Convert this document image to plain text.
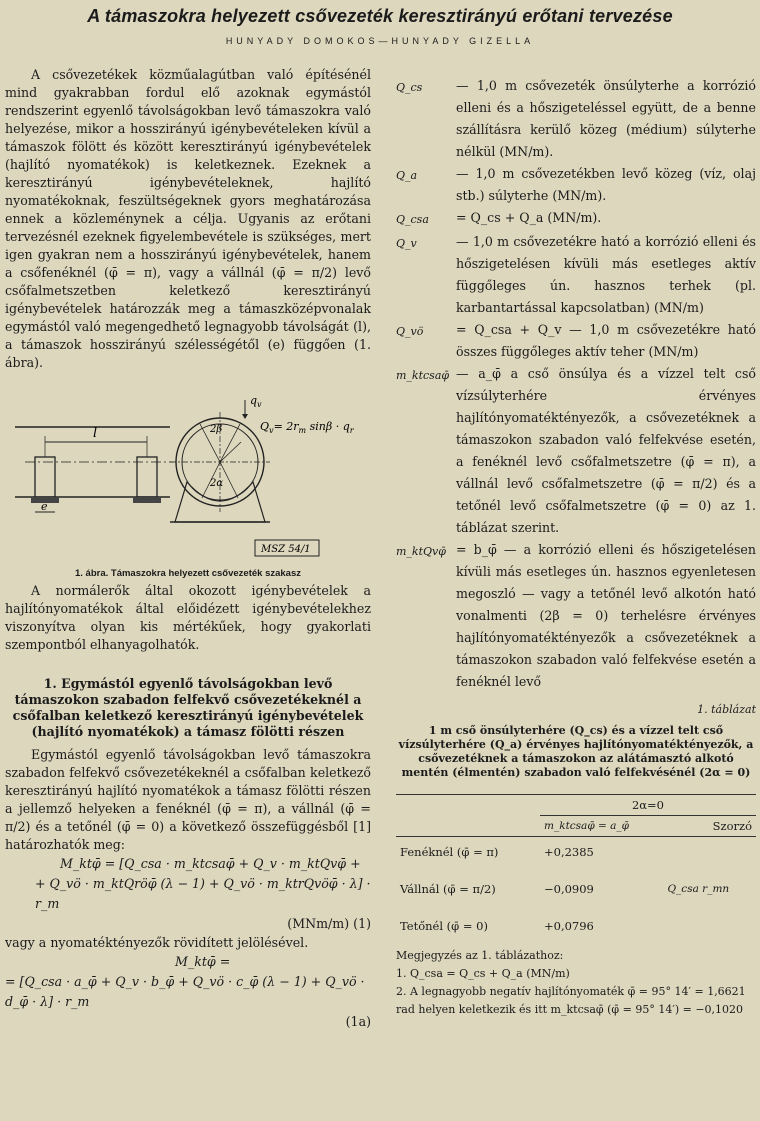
A támaszokra helyezett csővezeték keresztirányú erőtani tervezése
HUNYADY DOMOKOS—HUNYADY GIZELLA

A csővezetékek közműalagútban való építésénél mind gyakrabban fordul elő azoknak egymástól rendszerint egyenlő távolságokban levő támaszokra való helyezése, mikor a hosszirányú igénybevételeken kívül a támaszok fölött és között keresztirányú igénybevételek (hajlító nyomatékok) is keletkeznek. Ezeknek a keresztirányú igénybevételeknek, hajlító nyomatékoknak, feszültségeknek gyors meghatározása ennek a közleménynek a célja. Ugyanis az erőtani tervezésnél ezeknek figyelembevétele is szükséges, mert igen gyakran nem a hosszirányú igénybevételek, hanem a csőfenéknél (φ̄ = π), vagy a vállnál (φ̄ = π/2) levő csőfalmetszetben keletkező keresztirányú igénybevételek határozzák meg a támaszközépvonalak egymástól való megengedhető legnagyobb távolságát (l), a támaszok hosszirányú szélességétől (e) függően (1. ábra).

l
e
2β
2α
$q_v$
$Q_v= 2r_m$ $\sin\beta \cdot q_r$
MSZ 54/1
1. ábra. Támaszokra helyezett csővezeték szakasz

A normálerők által okozott igénybevételek a hajlítónyomatékok által előidézett igénybevételekhez viszonyítva olyan kis mértékűek, hogy gyakorlati szempontból elhanyagolhatók.

1. Egymástól egyenlő távolságokban levő támaszokon szabadon felfekvő csővezetékeknél a csőfalban keletkező keresztirányú igénybevételek (hajlító nyomatékok) a támasz fölötti részen

Egymástól egyenlő távolságokban levő támaszokra szabadon felfekvő csővezetékeknél a csőfalban keletkező keresztirányú hajlító nyomatékok a támasz fölötti részen a jellemző helyeken a fenéknél (φ̄ = π), a vállnál (φ̄ = π/2) és a tetőnél (φ̄ = 0) a következő összefüggésből [1] határozhatók meg:

M_ktφ̄ = [Q_csa · m_ktcsaφ̄ + Q_v · m_ktQvφ̄ +
+ Q_vö · m_ktQröφ̄ (λ − 1) + Q_vö · m_ktrQvöφ̄ · λ] · r_m
(MNm/m) (1)

vagy a nyomatéktényezők rövidített jelölésével.

M_ktφ̄ =
= [Q_csa · a_φ̄ + Q_v · b_φ̄ + Q_vö · c_φ̄ (λ − 1) + Q_vö · d_φ̄ · λ] · r_m
(1a)
Q_cs	— 1,0 m csővezeték önsúlyterhe a korrózió elleni és a hőszigeteléssel együtt, de a benne szállításra kerülő közeg (médium) súlyterhe nélkül (MN/m).
Q_a	— 1,0 m csővezetékben levő közeg (víz, olaj stb.) súlyterhe (MN/m).
Q_csa	= Q_cs + Q_a (MN/m).
Q_v	— 1,0 m csővezetékre ható a korrózió elleni és hőszigetelésen kívüli más esetleges aktív függőleges ún. hasznos terhek (pl. karbantartással kapcsolatban) (MN/m)
Q_vö	= Q_csa + Q_v — 1,0 m csővezetékre ható összes függőleges aktív teher (MN/m)
m_ktcsaφ̄ — a_φ̄ a cső önsúlya és a vízzel telt cső vízsúlyterhére érvényes hajlítónyomatéktényezők, a csővezetéknek a támaszokon szabadon való felfekvése esetén, a fenéknél levő csőfalmetszetre (φ̄ = π), a vállnál levő csőfalmetszetre (φ̄ = π/2) és a tetőnél levő csőfalmetszetre (φ̄ = 0) az 1. táblázat szerint.
m_ktQvφ̄ = b_φ̄ — a korrózió elleni és hőszigetelésen kívüli más esetleges ún. hasznos egyenletesen megoszló — vagy a tetőnél levő alkotón ható vonalmenti (2β = 0) terhelésre érvényes hajlítónyomatéktényezők a csővezetéknek a támaszokon szabadon való felfekvése esetén a fenéknél levő
1. táblázat
1 m cső önsúlyterhére (Q_cs) és a vízzel telt cső vízsúlyterhére (Q_a) érvényes hajlítónyomatéktényezők, a csővezetéknek a támaszokon az alátámasztó alkotó mentén (élmentén) szabadon való felfekvésénél (2α = 0)
	2α=0	
	m_ktcsaφ̄ = a_φ̄	Szorzó
Fenéknél (φ̄ = π)	+0,2385	
Vállnál (φ̄ = π/2)	−0,0909	Q_csa r_mn
Tetőnél (φ̄ = 0)	+0,0796	
Megjegyzés az 1. táblázathoz:
1. Q_csa = Q_cs + Q_a (MN/m)
2. A legnagyobb negatív hajlítónyomaték φ̄ = 95° 14′ = 1,6621 rad helyen keletkezik és itt m_ktcsaφ̄ (φ̄ = 95° 14′) = −0,1020
